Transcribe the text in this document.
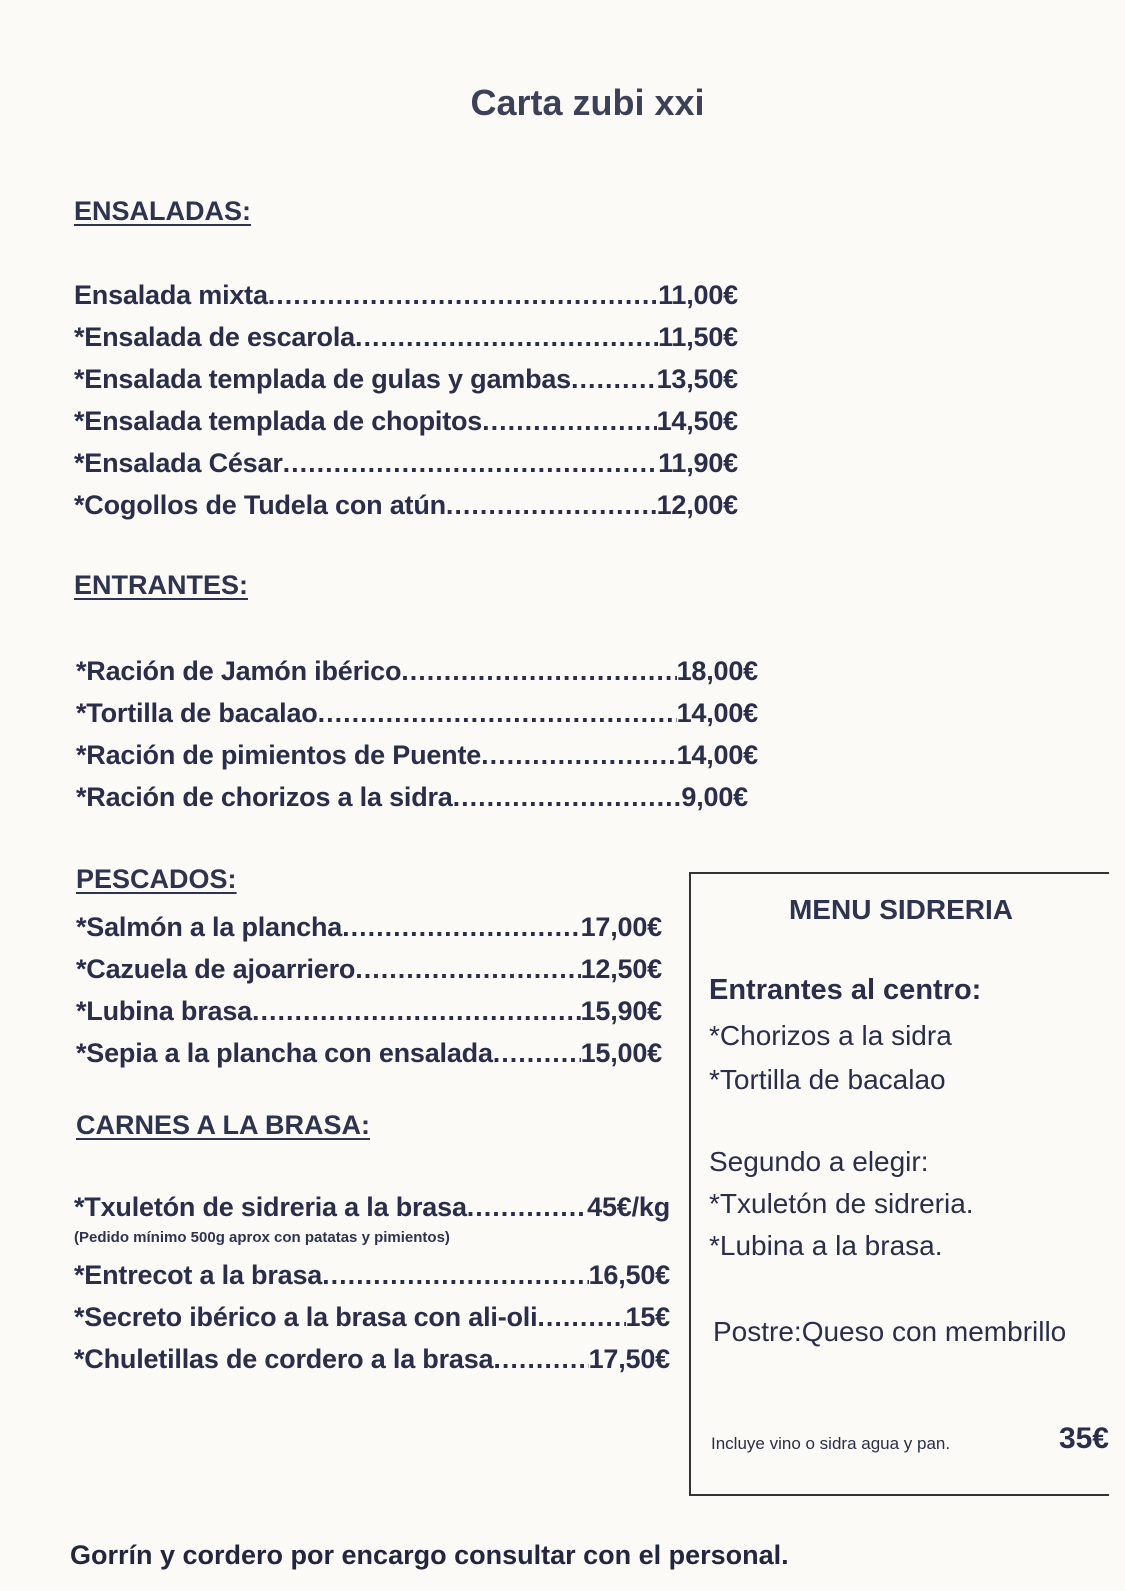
Carta zubi xxi
ENSALADAS:
Ensalada mixta .....	11,00€
*Ensalada de escarola .....	11,50€
*Ensalada templada de gulas y gambas .....	13,50€
*Ensalada templada de chopitos .....	14,50€
*Ensalada César .....	11,90€
*Cogollos de Tudela con atún .....	12,00€
ENTRANTES:
*Ración de Jamón ibérico .....	18,00€
*Tortilla de bacalao .....	14,00€
*Ración de pimientos de Puente .....	14,00€
*Ración de chorizos a la sidra .....	9,00€
PESCADOS:
*Salmón a la plancha .....	17,00€
*Cazuela de ajoarriero .....	12,50€
*Lubina brasa .....	15,90€
*Sepia a la plancha con ensalada .....	15,00€
CARNES A LA BRASA:
*Txuletón de sidreria a la brasa .....	45€/kg
(Pedido mínimo 500g aprox con patatas y pimientos)
*Entrecot a la brasa .....	16,50€
*Secreto ibérico a la brasa con ali-oli .....	15€
*Chuletillas de cordero a la brasa .....	17,50€
MENU SIDRERIA
Entrantes al centro:
*Chorizos a la sidra
*Tortilla de bacalao
Segundo a elegir:
*Txuletón de sidreria.
*Lubina a la brasa.
Postre:Queso con membrillo
Incluye vino o sidra agua y pan.	35€
Gorrín y cordero por encargo consultar con el personal.
